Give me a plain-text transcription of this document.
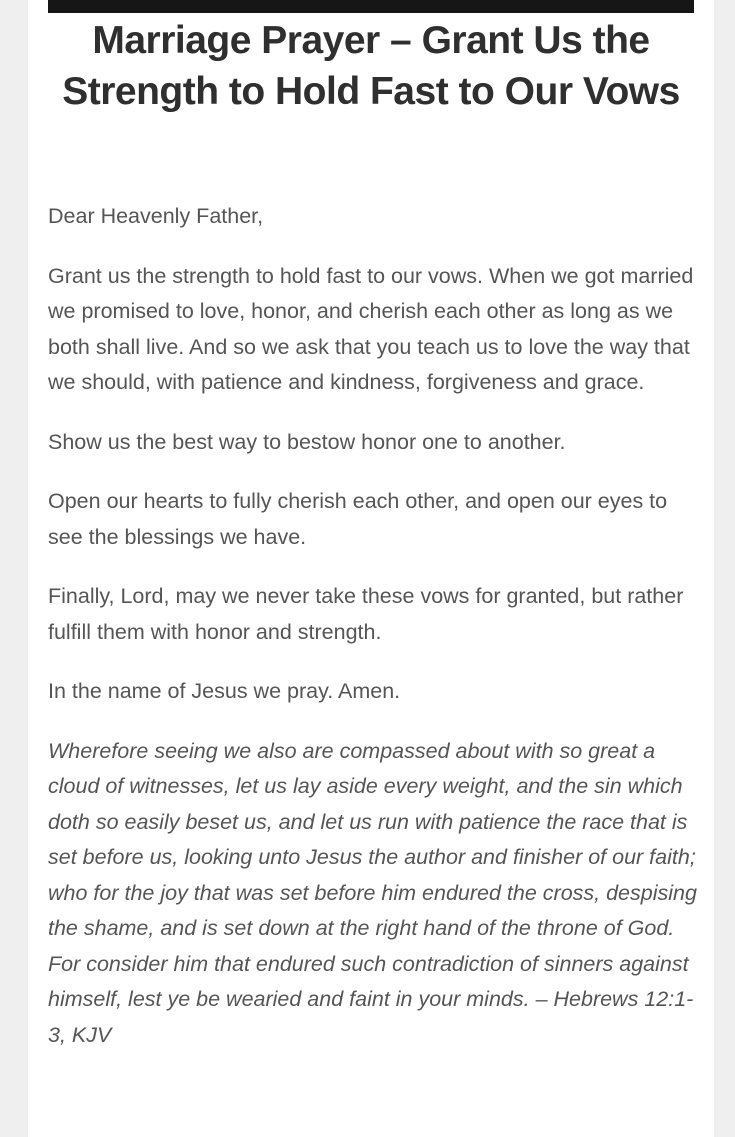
Marriage Prayer – Grant Us the Strength to Hold Fast to Our Vows

Dear Heavenly Father,

Grant us the strength to hold fast to our vows. When we got married we promised to love, honor, and cherish each other as long as we both shall live. And so we ask that you teach us to love the way that we should, with patience and kindness, forgiveness and grace.

Show us the best way to bestow honor one to another.

Open our hearts to fully cherish each other, and open our eyes to see the blessings we have.

Finally, Lord, may we never take these vows for granted, but rather fulfill them with honor and strength.

In the name of Jesus we pray. Amen.

Wherefore seeing we also are compassed about with so great a cloud of witnesses, let us lay aside every weight, and the sin which doth so easily beset us, and let us run with patience the race that is set before us, looking unto Jesus the author and finisher of our faith; who for the joy that was set before him endured the cross, despising the shame, and is set down at the right hand of the throne of God. For consider him that endured such contradiction of sinners against himself, lest ye be wearied and faint in your minds. – Hebrews 12:1-3, KJV
